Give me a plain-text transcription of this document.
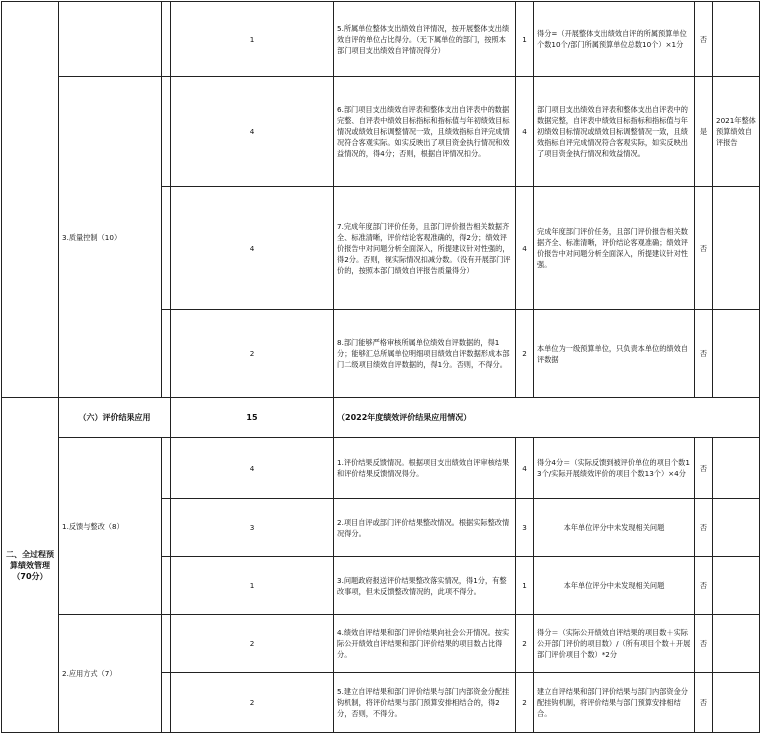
			1	5.所属单位整体支出绩效自评情况，按开展整体支出绩效自评的单位占比得分。（无下属单位的部门，按照本部门项目支出绩效自评情况得分）	1	得分=（开展整体支出绩效自评的所属预算单位个数10个/部门所属预算单位总数10个）×1分	否	
	3.质量控制（10）		4	6.部门项目支出绩效自评表和整体支出自评表中的数据完整、自评表中绩效目标指标和指标值与年初绩效目标情况或绩效目标调整情况一致，且绩效指标自评完成情况符合客观实际。如实反映出了项目资金执行情况和效益情况的，得4分；否则，根据自评情况扣分。	4	部门项目支出绩效自评表和整体支出自评表中的数据完整，自评表中绩效目标指标和指标值与年初绩效目标情况或绩效目标调整情况一致，且绩效指标自评完成情况符合客观实际，如实反映出了项目资金执行情况和效益情况。	是	2021年整体预算绩效自评报告
			4	7.完成年度部门评价任务，且部门评价报告相关数据齐全、标准清晰，评价结论客观准确的，得2分；绩效评价报告中对问题分析全面深入，所提建议针对性强的，得2分。否则，视实际情况扣减分数。（没有开展部门评价的，按照本部门绩效自评报告质量得分）	4	完成年度部门评价任务，且部门评价报告相关数据齐全、标准清晰，评价结论客观准确；绩效评价报告中对问题分析全面深入，所提建议针对性强。	否	
			2	8.部门能够严格审核所属单位绩效自评数据的，得1分；能够汇总所属单位明细项目绩效自评数据形成本部门二级项目绩效自评数据的，得1分。否则，不得分。	2	本单位为一级预算单位，只负责本单位的绩效自评数据	否	
二、全过程预算绩效管理（70分）	（六）评价结果应用		15	（2022年度绩效评价结果应用情况）				
	1.反馈与整改（8）		4	1.评价结果反馈情况。根据项目支出绩效自评审核结果和评价结果反馈情况得分。	4	得分4分＝（实际反馈到被评价单位的项目个数13个/实际开展绩效评价的项目个数13个）×4分	否	
			3	2.项目自评或部门评价结果整改情况。根据实际整改情况得分。	3	本年单位评分中未发现相关问题	否	
			1	3.问题政府报送评价结果整改落实情况，得1分，有整改事项，但未反馈整改情况的，此项不得分。	1	本年单位评分中未发现相关问题	否	
	2.应用方式（7）		2	4.绩效自评结果和部门评价结果向社会公开情况。按实际公开绩效自评结果和部门评价结果的项目数占比得分。	2	得分＝（实际公开绩效自评结果的项目数＋实际公开部门评价的项目数）/（所有项目个数＋开展部门评价项目个数）*2分	否	
			2	5.建立自评结果和部门评价结果与部门内部资金分配挂钩机制，将评价结果与部门预算安排相结合的，得2分，否则，不得分。	2	建立自评结果和部门评价结果与部门内部资金分配挂钩机制，将评价结果与部门预算安排相结合。	否	
